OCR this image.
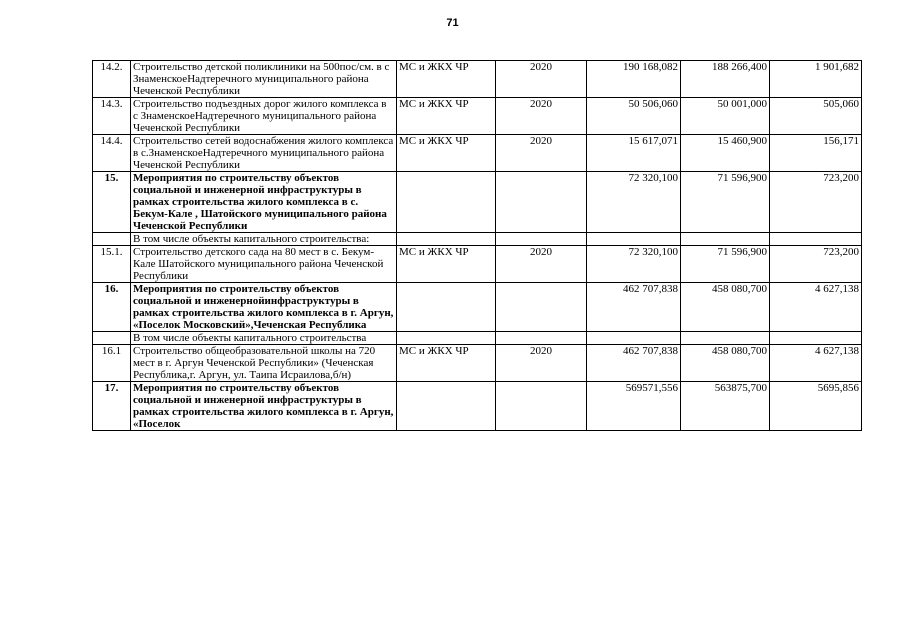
71
14.2.	Строительство детской поликлиники на 500пос/см. в с ЗнаменскоеНадтеречного муниципального района Чеченской Республики	МС и ЖКХ ЧР	2020	190 168,082	188 266,400	1 901,682
14.3.	Строительство подъездных дорог жилого комплекса в с ЗнаменскоеНадтеречного муниципального района Чеченской Республики	МС и ЖКХ ЧР	2020	50 506,060	50 001,000	505,060
14.4.	Строительство сетей водоснабжения жилого комплекса в с.ЗнаменскоеНадтеречного муниципального района Чеченской Республики	МС и ЖКХ ЧР	2020	15 617,071	15 460,900	156,171
15.	Мероприятия по строительству объектов социальной и инженерной инфраструктуры в рамках строительства жилого комплекса в с. Бекум-Кале , Шатойского муниципального района Чеченской Республики			72 320,100	71 596,900	723,200
	В том числе объекты капитального строительства:					
15.1.	Строительство детского сада на 80 мест в с. Бекум-Кале Шатойского муниципального района Чеченской Республики	МС и ЖКХ ЧР	2020	72 320,100	71 596,900	723,200
16.	Мероприятия по строительству объектов социальной и инженернойинфраструктуры в рамках строительства жилого комплекса в г. Аргун, «Поселок Московский»,Чеченская Республика			462 707,838	458 080,700	4 627,138
	В том числе объекты капитального строительства					
16.1	Строительство общеобразовательной школы на 720 мест в г. Аргун Чеченской Республики» (Чеченская Республика,г. Аргун, ул. Таипа Исраилова,б/н)	МС и ЖКХ ЧР	2020	462 707,838	458 080,700	4 627,138
17.	Мероприятия по строительству объектов социальной и инженерной инфраструктуры в рамках строительства жилого комплекса в г. Аргун, «Поселок			569571,556	563875,700	5695,856
